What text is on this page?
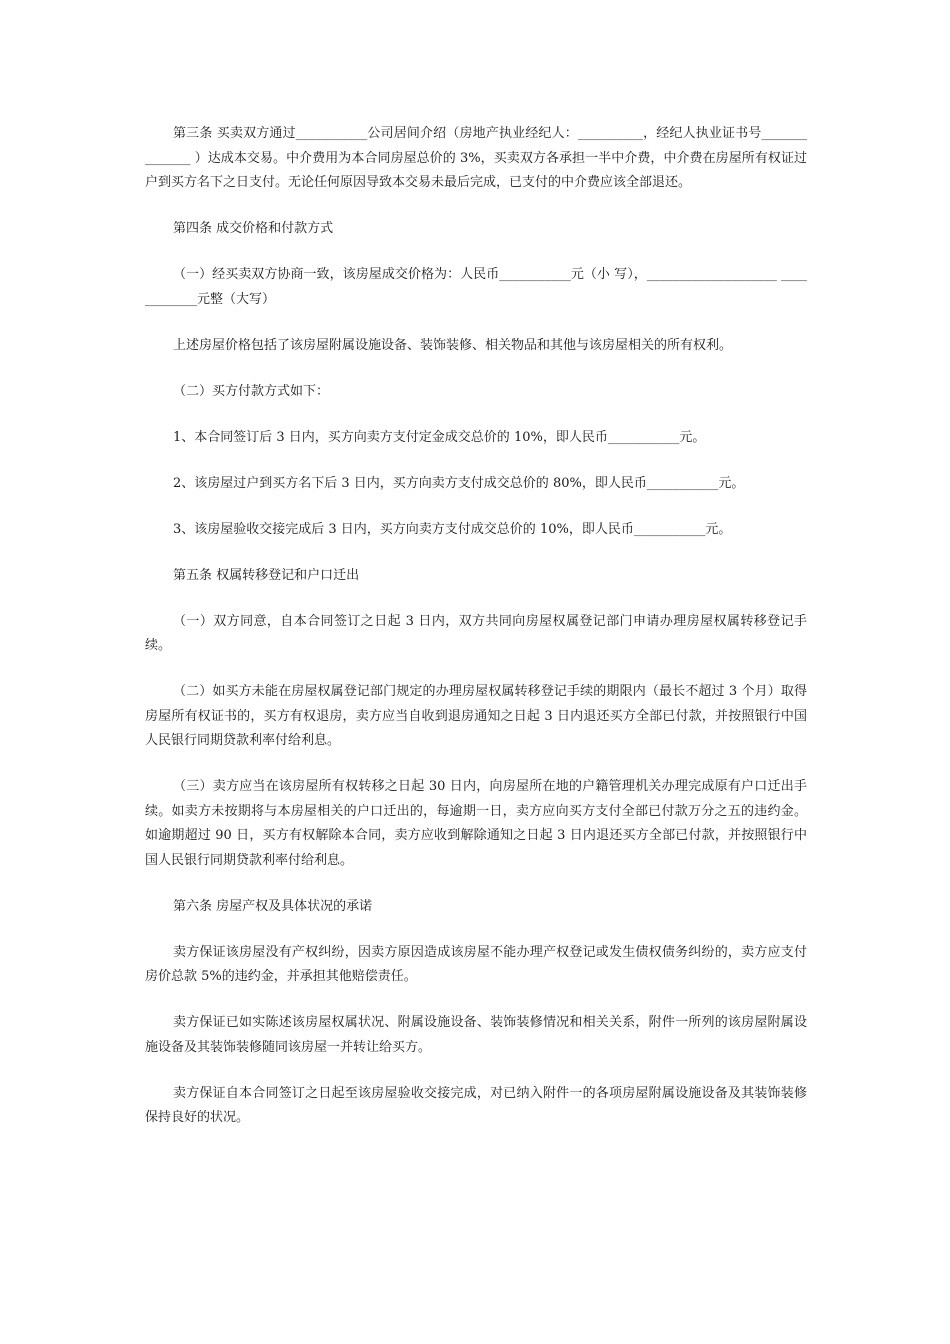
第三条 买卖双方通过___________公司居间介绍（房地产执业经纪人：__________，经纪人执业证书号______________ ）达成本交易。中介费用为本合同房屋总价的 3%，买卖双方各承担一半中介费，中介费在房屋所有权证过户到买方名下之日支付。无论任何原因导致本交易未最后完成，已支付的中介费应该全部退还。

第四条 成交价格和付款方式

（一）经买卖双方协商一致，该房屋成交价格为：人民币___________元（小 写），____________________ ____________元整（大写）

上述房屋价格包括了该房屋附属设施设备、装饰装修、相关物品和其他与该房屋相关的所有权利。

（二）买方付款方式如下：

1、本合同签订后 3 日内，买方向卖方支付定金成交总价的 10%，即人民币___________元。

2、该房屋过户到买方名下后 3 日内，买方向卖方支付成交总价的 80%，即人民币___________元。

3、该房屋验收交接完成后 3 日内，买方向卖方支付成交总价的 10%，即人民币___________元。

第五条 权属转移登记和户口迁出

（一）双方同意，自本合同签订之日起 3 日内，双方共同向房屋权属登记部门申请办理房屋权属转移登记手续。

（二）如买方未能在房屋权属登记部门规定的办理房屋权属转移登记手续的期限内（最长不超过 3 个月）取得房屋所有权证书的，买方有权退房，卖方应当自收到退房通知之日起 3 日内退还买方全部已付款，并按照银行中国人民银行同期贷款利率付给利息。

（三）卖方应当在该房屋所有权转移之日起 30 日内，向房屋所在地的户籍管理机关办理完成原有户口迁出手续。如卖方未按期将与本房屋相关的户口迁出的，每逾期一日，卖方应向买方支付全部已付款万分之五的违约金。如逾期超过 90 日，买方有权解除本合同，卖方应收到解除通知之日起 3 日内退还买方全部已付款，并按照银行中国人民银行同期贷款利率付给利息。

第六条 房屋产权及具体状况的承诺

卖方保证该房屋没有产权纠纷，因卖方原因造成该房屋不能办理产权登记或发生债权债务纠纷的，卖方应支付房价总款 5%的违约金，并承担其他赔偿责任。

卖方保证已如实陈述该房屋权属状况、附属设施设备、装饰装修情况和相关关系，附件一所列的该房屋附属设施设备及其装饰装修随同该房屋一并转让给买方。

卖方保证自本合同签订之日起至该房屋验收交接完成，对已纳入附件一的各项房屋附属设施设备及其装饰装修保持良好的状况。
